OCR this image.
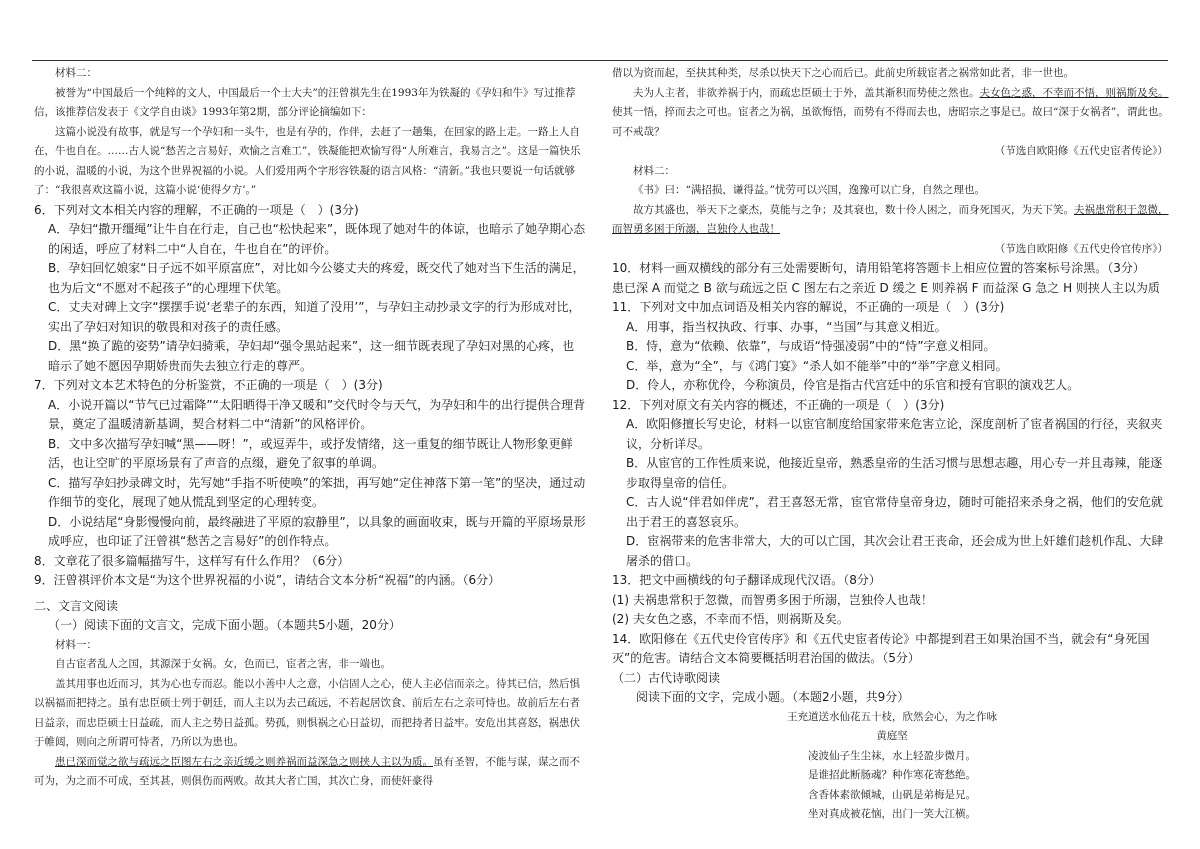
材料二：

被誉为“中国最后一个纯粹的文人，中国最后一个士大夫”的汪曾祺先生在1993年为铁凝的《孕妇和牛》写过推荐信，该推荐信发表于《文学自由谈》1993年第2期，部分评论摘编如下：

这篇小说没有故事，就是写一个孕妇和一头牛，也是有孕的，作伴，去赶了一趟集，在回家的路上走。一路上人自在，牛也自在。……古人说“愁苦之言易好，欢愉之言难工”，铁凝能把欢愉写得“人所难言，我易言之”。这是一篇快乐的小说，温暖的小说，为这个世界祝福的小说。人们爱用两个字形容铁凝的语言风格：“清新。”我也只要说一句话就够了：“我很喜欢这篇小说，这篇小说‘使得夕方’。”

6．下列对文本相关内容的理解，不正确的一项是（　）(3分)

A．孕妇“撒开缰绳”让牛自在行走，自己也“松快起来”，既体现了她对牛的体谅，也暗示了她孕期心态的闲适，呼应了材料二中“人自在，牛也自在”的评价。

B．孕妇回忆娘家“日子远不如平原富庶”，对比如今公婆丈夫的疼爱，既交代了她对当下生活的满足，也为后文“不愿对不起孩子”的心理埋下伏笔。

C．丈夫对碑上文字“摆摆手说‘老辈子的东西，知道了没用’”，与孕妇主动抄录文字的行为形成对比，实出了孕妇对知识的敬畏和对孩子的责任感。

D．黑“换了跪的姿势”请孕妇骑乘，孕妇却“强令黑站起来”，这一细节既表现了孕妇对黑的心疼，也暗示了她不愿因孕期娇贵而失去独立行走的尊严。

7．下列对文本艺术特色的分析鉴赏，不正确的一项是（　）(3分)

A．小说开篇以“节气已过霜降”“太阳晒得干净又暖和”交代时令与天气，为孕妇和牛的出行提供合理背景，奠定了温暖清新基调，契合材料二中“清新”的风格评价。

B．文中多次描写孕妇喊“黑——呀！”，或逗弄牛，或抒发情绪，这一重复的细节既让人物形象更鲜活，也让空旷的平原场景有了声音的点缀，避免了叙事的单调。

C．描写孕妇抄录碑文时，先写她“手指不听使唤”的笨拙，再写她“定住神落下第一笔”的坚决，通过动作细节的变化，展现了她从慌乱到坚定的心理转变。

D．小说结尾“身影慢慢向前，最终融进了平原的寂静里”，以具象的画面收束，既与开篇的平原场景形成呼应，也印证了汪曾祺“愁苦之言易好”的创作特点。

8．文章花了很多篇幅描写牛，这样写有什么作用？（6分）

9．汪曾祺评价本文是“为这个世界祝福的小说”，请结合文本分析“祝福”的内涵。（6分）

二、文言文阅读

（一）阅读下面的文言文，完成下面小题。（本题共5小题，20分）

材料一：

自古宦者乱人之国，其源深于女祸。女，色而已，宦者之害，非一端也。

盖其用事也近而习，其为心也专而忍。能以小善中人之意，小信固人之心，使人主必信而亲之。待其已信，然后惧以祸福而把持之。虽有忠臣硕士列于朝廷，而人主以为去己疏远，不若起居饮食、前后左右之亲可恃也。故前后左右者日益亲，而忠臣硕士日益疏，而人主之势日益孤。势孤，则惧祸之心日益切，而把持者日益牢。安危出其喜怒，祸患伏于帷闼，则向之所谓可恃者，乃所以为患也。

患已深而觉之欲与疏远之臣图左右之亲近缓之则养祸而益深急之则挟人主以为质。虽有圣智，不能与谋，谋之而不可为，为之而不可成，至其甚，则俱伤而两败。故其大者亡国，其次亡身，而使奸豪得

借以为资而起，至抉其种类，尽杀以快天下之心而后已。此前史所载宦者之祸常如此者，非一世也。

夫为人主者，非欲养祸于内，而疏忠臣硕士于外，盖其渐积而势使之然也。夫女色之惑，不幸而不悟，则祸斯及矣。使其一悟，捽而去之可也。宦者之为祸，虽欲悔悟，而势有不得而去也，唐昭宗之事是已。故曰“深于女祸者”，谓此也。可不戒哉？

（节选自欧阳修《五代史宦者传论》）

材料二：

《书》曰：“满招损，谦得益。”忧劳可以兴国，逸豫可以亡身，自然之理也。

故方其盛也，举天下之豪杰，莫能与之争；及其衰也，数十伶人困之，而身死国灭，为天下笑。夫祸患常积于忽微，而智勇多困于所溺，岂独伶人也哉！

（节选自欧阳修《五代史伶官传序》）

10．材料一画双横线的部分有三处需要断句，请用铅笔将答题卡上相应位置的答案标号涂黑。（3分）

患已深 A 而觉之 B 欲与疏远之臣 C 图左右之亲近 D 缓之 E 则养祸 F 而益深 G 急之 H 则挟人主以为质

11．下列对文中加点词语及相关内容的解说，不正确的一项是（　）(3分)

A．用事，指当权执政、行事、办事，“当国”与其意义相近。

B．恃，意为“依赖、依靠”，与成语“恃强凌弱”中的“恃”字意义相同。

C．举，意为“全”，与《鸿门宴》“杀人如不能举”中的“举”字意义相同。

D．伶人，亦称优伶，今称演员，伶官是指古代宫廷中的乐官和授有官职的演戏艺人。

12．下列对原文有关内容的概述，不正确的一项是（　）(3分)

A．欧阳修擅长写史论，材料一以宦官制度给国家带来危害立论，深度剖析了宦者祸国的行径，夹叙夹议，分析详尽。

B．从宦官的工作性质来说，他接近皇帝，熟悉皇帝的生活习惯与思想志趣，用心专一并且毒辣，能逐步取得皇帝的信任。

C．古人说“伴君如伴虎”，君王喜怒无常，宦官常侍皇帝身边，随时可能招来杀身之祸，他们的安危就出于君王的喜怒哀乐。

D．宦祸带来的危害非常大，大的可以亡国，其次会让君王丧命，还会成为世上奸雄们趁机作乱、大肆屠杀的借口。

13．把文中画横线的句子翻译成现代汉语。（8分）

(1) 夫祸患常积于忽微，而智勇多困于所溺，岂独伶人也哉！

(2) 夫女色之惑，不幸而不悟，则祸斯及矣。

14．欧阳修在《五代史伶官传序》和《五代史宦者传论》中都提到君王如果治国不当，就会有“身死国灭”的危害。请结合文本简要概括明君治国的做法。（5分）

（二）古代诗歌阅读

阅读下面的文字，完成小题。（本题2小题，共9分）

王充道送水仙花五十枝，欣然会心，为之作咏

黄庭坚

凌波仙子生尘袜，水上轻盈步微月。

是谁招此断肠魂？种作寒花寄愁绝。

含香体素欲倾城，山矾是弟梅是兄。

坐对真成被花恼，出门一笑大江横。
